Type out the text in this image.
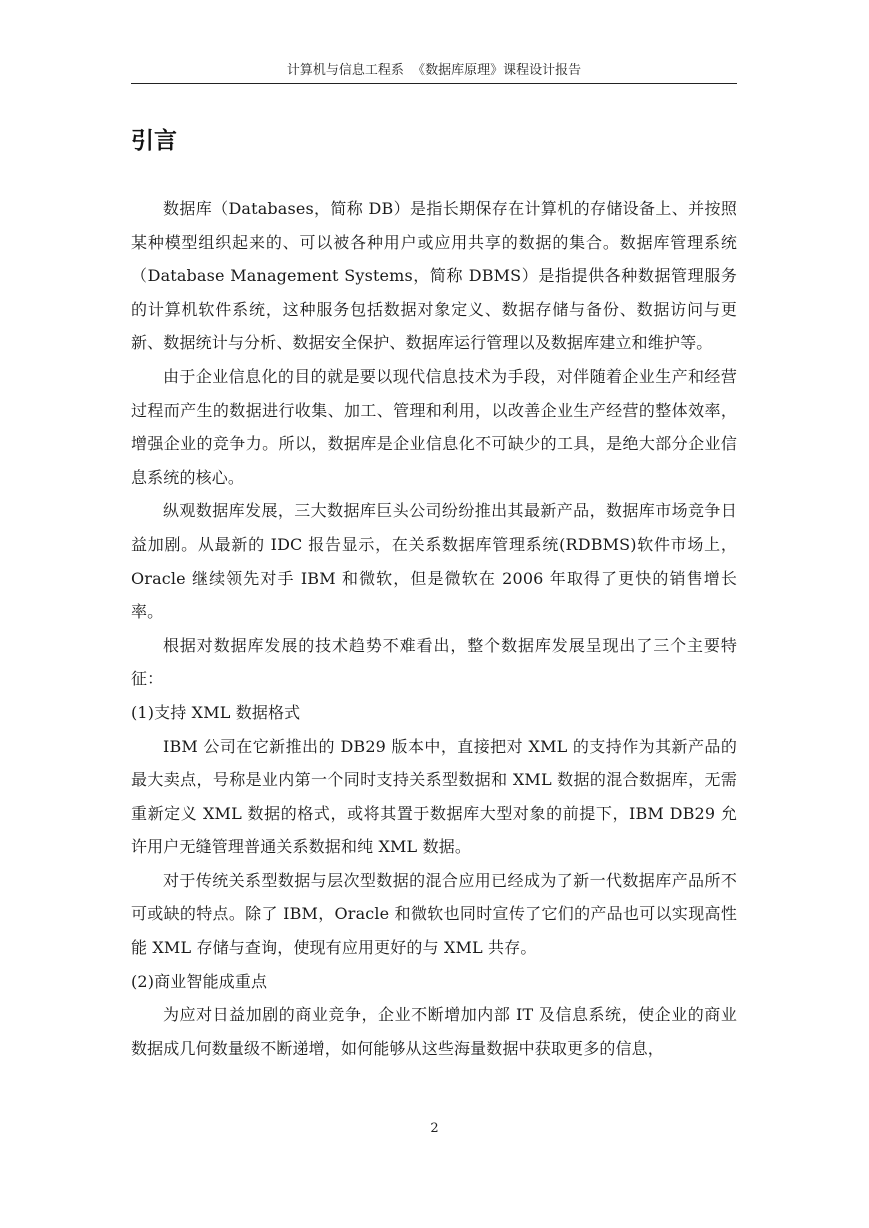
计算机与信息工程系  《数据库原理》课程设计报告
引言

数据库（Databases，简称 DB）是指长期保存在计算机的存储设备上、并按照某种模型组织起来的、可以被各种用户或应用共享的数据的集合。数据库管理系统（Database Management Systems，简称 DBMS）是指提供各种数据管理服务的计算机软件系统，这种服务包括数据对象定义、数据存储与备份、数据访问与更新、数据统计与分析、数据安全保护、数据库运行管理以及数据库建立和维护等。

由于企业信息化的目的就是要以现代信息技术为手段，对伴随着企业生产和经营过程而产生的数据进行收集、加工、管理和利用，以改善企业生产经营的整体效率，增强企业的竞争力。所以，数据库是企业信息化不可缺少的工具，是绝大部分企业信息系统的核心。

纵观数据库发展，三大数据库巨头公司纷纷推出其最新产品，数据库市场竞争日益加剧。从最新的 IDC 报告显示，在关系数据库管理系统(RDBMS)软件市场上，Oracle 继续领先对手 IBM 和微软，但是微软在 2006 年取得了更快的销售增长率。

根据对数据库发展的技术趋势不难看出，整个数据库发展呈现出了三个主要特征：

(1)支持 XML 数据格式

IBM 公司在它新推出的 DB29 版本中，直接把对 XML 的支持作为其新产品的最大卖点，号称是业内第一个同时支持关系型数据和 XML 数据的混合数据库，无需重新定义 XML 数据的格式，或将其置于数据库大型对象的前提下，IBM DB29 允许用户无缝管理普通关系数据和纯 XML 数据。

对于传统关系型数据与层次型数据的混合应用已经成为了新一代数据库产品所不可或缺的特点。除了 IBM，Oracle 和微软也同时宣传了它们的产品也可以实现高性能 XML 存储与查询，使现有应用更好的与 XML 共存。

(2)商业智能成重点

为应对日益加剧的商业竞争，企业不断增加内部 IT 及信息系统，使企业的商业数据成几何数量级不断递增，如何能够从这些海量数据中获取更多的信息，

2
